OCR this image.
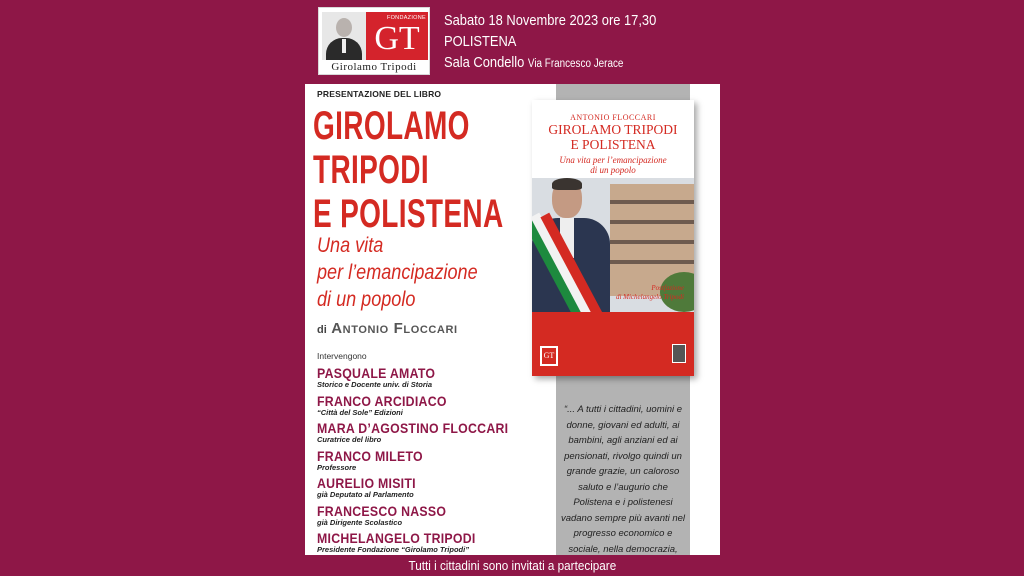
FONDAZIONE
GT
Girolamo Tripodi
Sabato 18 Novembre 2023 ore 17,30
POLISTENA
Sala Condello Via Francesco Jerace
PRESENTAZIONE DEL LIBRO
GIROLAMO
TRIPODI
E POLISTENA
Una vita
per l’emancipazione
di un popolo
di Antonio Floccari
Intervengono
PASQUALE AMATO
Storico e Docente univ. di Storia
FRANCO ARCIDIACO
“Città del Sole” Edizioni
MARA D’AGOSTINO FLOCCARI
Curatrice del libro
FRANCO MILETO
Professore
AURELIO MISITI
già Deputato al Parlamento
FRANCESCO NASSO
già Dirigente Scolastico
MICHELANGELO TRIPODI
Presidente Fondazione “Girolamo Tripodi”
ANTONIO FLOCCARI
GIROLAMO TRIPODI
E POLISTENA
Una vita per l’emancipazione
di un popolo
Postfazione
di Michelangelo Tripodi
GT
“... A tutti i cittadini, uomini e donne, giovani ed adulti, ai bambini, agli anziani ed ai pensionati, rivolgo quindi un grande grazie, un caloroso saluto e l’augurio che Polistena e i polistenesi vadano sempre più avanti nel progresso economico e sociale, nella democrazia,
Tutti i cittadini sono invitati a partecipare
